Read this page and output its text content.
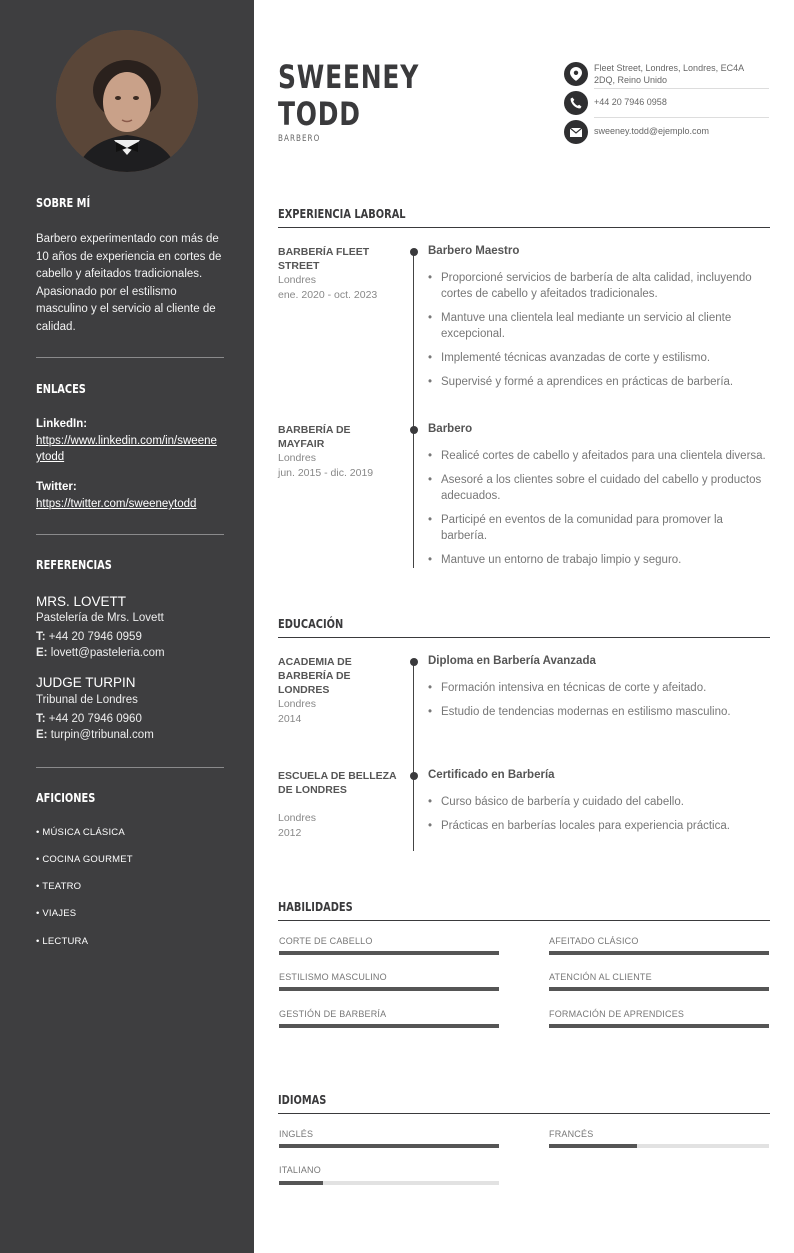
SOBRE MÍ
Barbero experimentado con más de 10 años de experiencia en cortes de cabello y afeitados tradicionales. Apasionado por el estilismo masculino y el servicio al cliente de calidad.
ENLACES
LinkedIn:
https://www.linkedin.com/in/sweeneytodd
Twitter:
https://twitter.com/sweeneytodd
REFERENCIAS
MRS. LOVETT
Pastelería de Mrs. Lovett
T: +44 20 7946 0959
E: lovett@pasteleria.com
JUDGE TURPIN
Tribunal de Londres
T: +44 20 7946 0960
E: turpin@tribunal.com
AFICIONES
• MÚSICA CLÁSICA
• COCINA GOURMET
• TEATRO
• VIAJES
• LECTURA
SWEENEY
TODD
BARBERO
Fleet Street, Londres, Londres, EC4A 2DQ, Reino Unido
+44 20 7946 0958
sweeney.todd@ejemplo.com
EXPERIENCIA LABORAL
BARBERÍA FLEET STREET
Londres
ene. 2020 - oct. 2023
Barbero Maestro
• Proporcioné servicios de barbería de alta calidad, incluyendo cortes de cabello y afeitados tradicionales.
• Mantuve una clientela leal mediante un servicio al cliente excepcional.
• Implementé técnicas avanzadas de corte y estilismo.
• Supervisé y formé a aprendices en prácticas de barbería.
BARBERÍA DE MAYFAIR
Londres
jun. 2015 - dic. 2019
Barbero
• Realicé cortes de cabello y afeitados para una clientela diversa.
• Asesoré a los clientes sobre el cuidado del cabello y productos adecuados.
• Participé en eventos de la comunidad para promover la barbería.
• Mantuve un entorno de trabajo limpio y seguro.
EDUCACIÓN
ACADEMIA DE BARBERÍA DE LONDRES
Londres
2014
Diploma en Barbería Avanzada
• Formación intensiva en técnicas de corte y afeitado.
• Estudio de tendencias modernas en estilismo masculino.
ESCUELA DE BELLEZA DE LONDRES
Londres
2012
Certificado en Barbería
• Curso básico de barbería y cuidado del cabello.
• Prácticas en barberías locales para experiencia práctica.
HABILIDADES
CORTE DE CABELLO	AFEITADO CLÁSICO
ESTILISMO MASCULINO	ATENCIÓN AL CLIENTE
GESTIÓN DE BARBERÍA	FORMACIÓN DE APRENDICES
IDIOMAS
INGLÉS	FRANCÉS
ITALIANO
